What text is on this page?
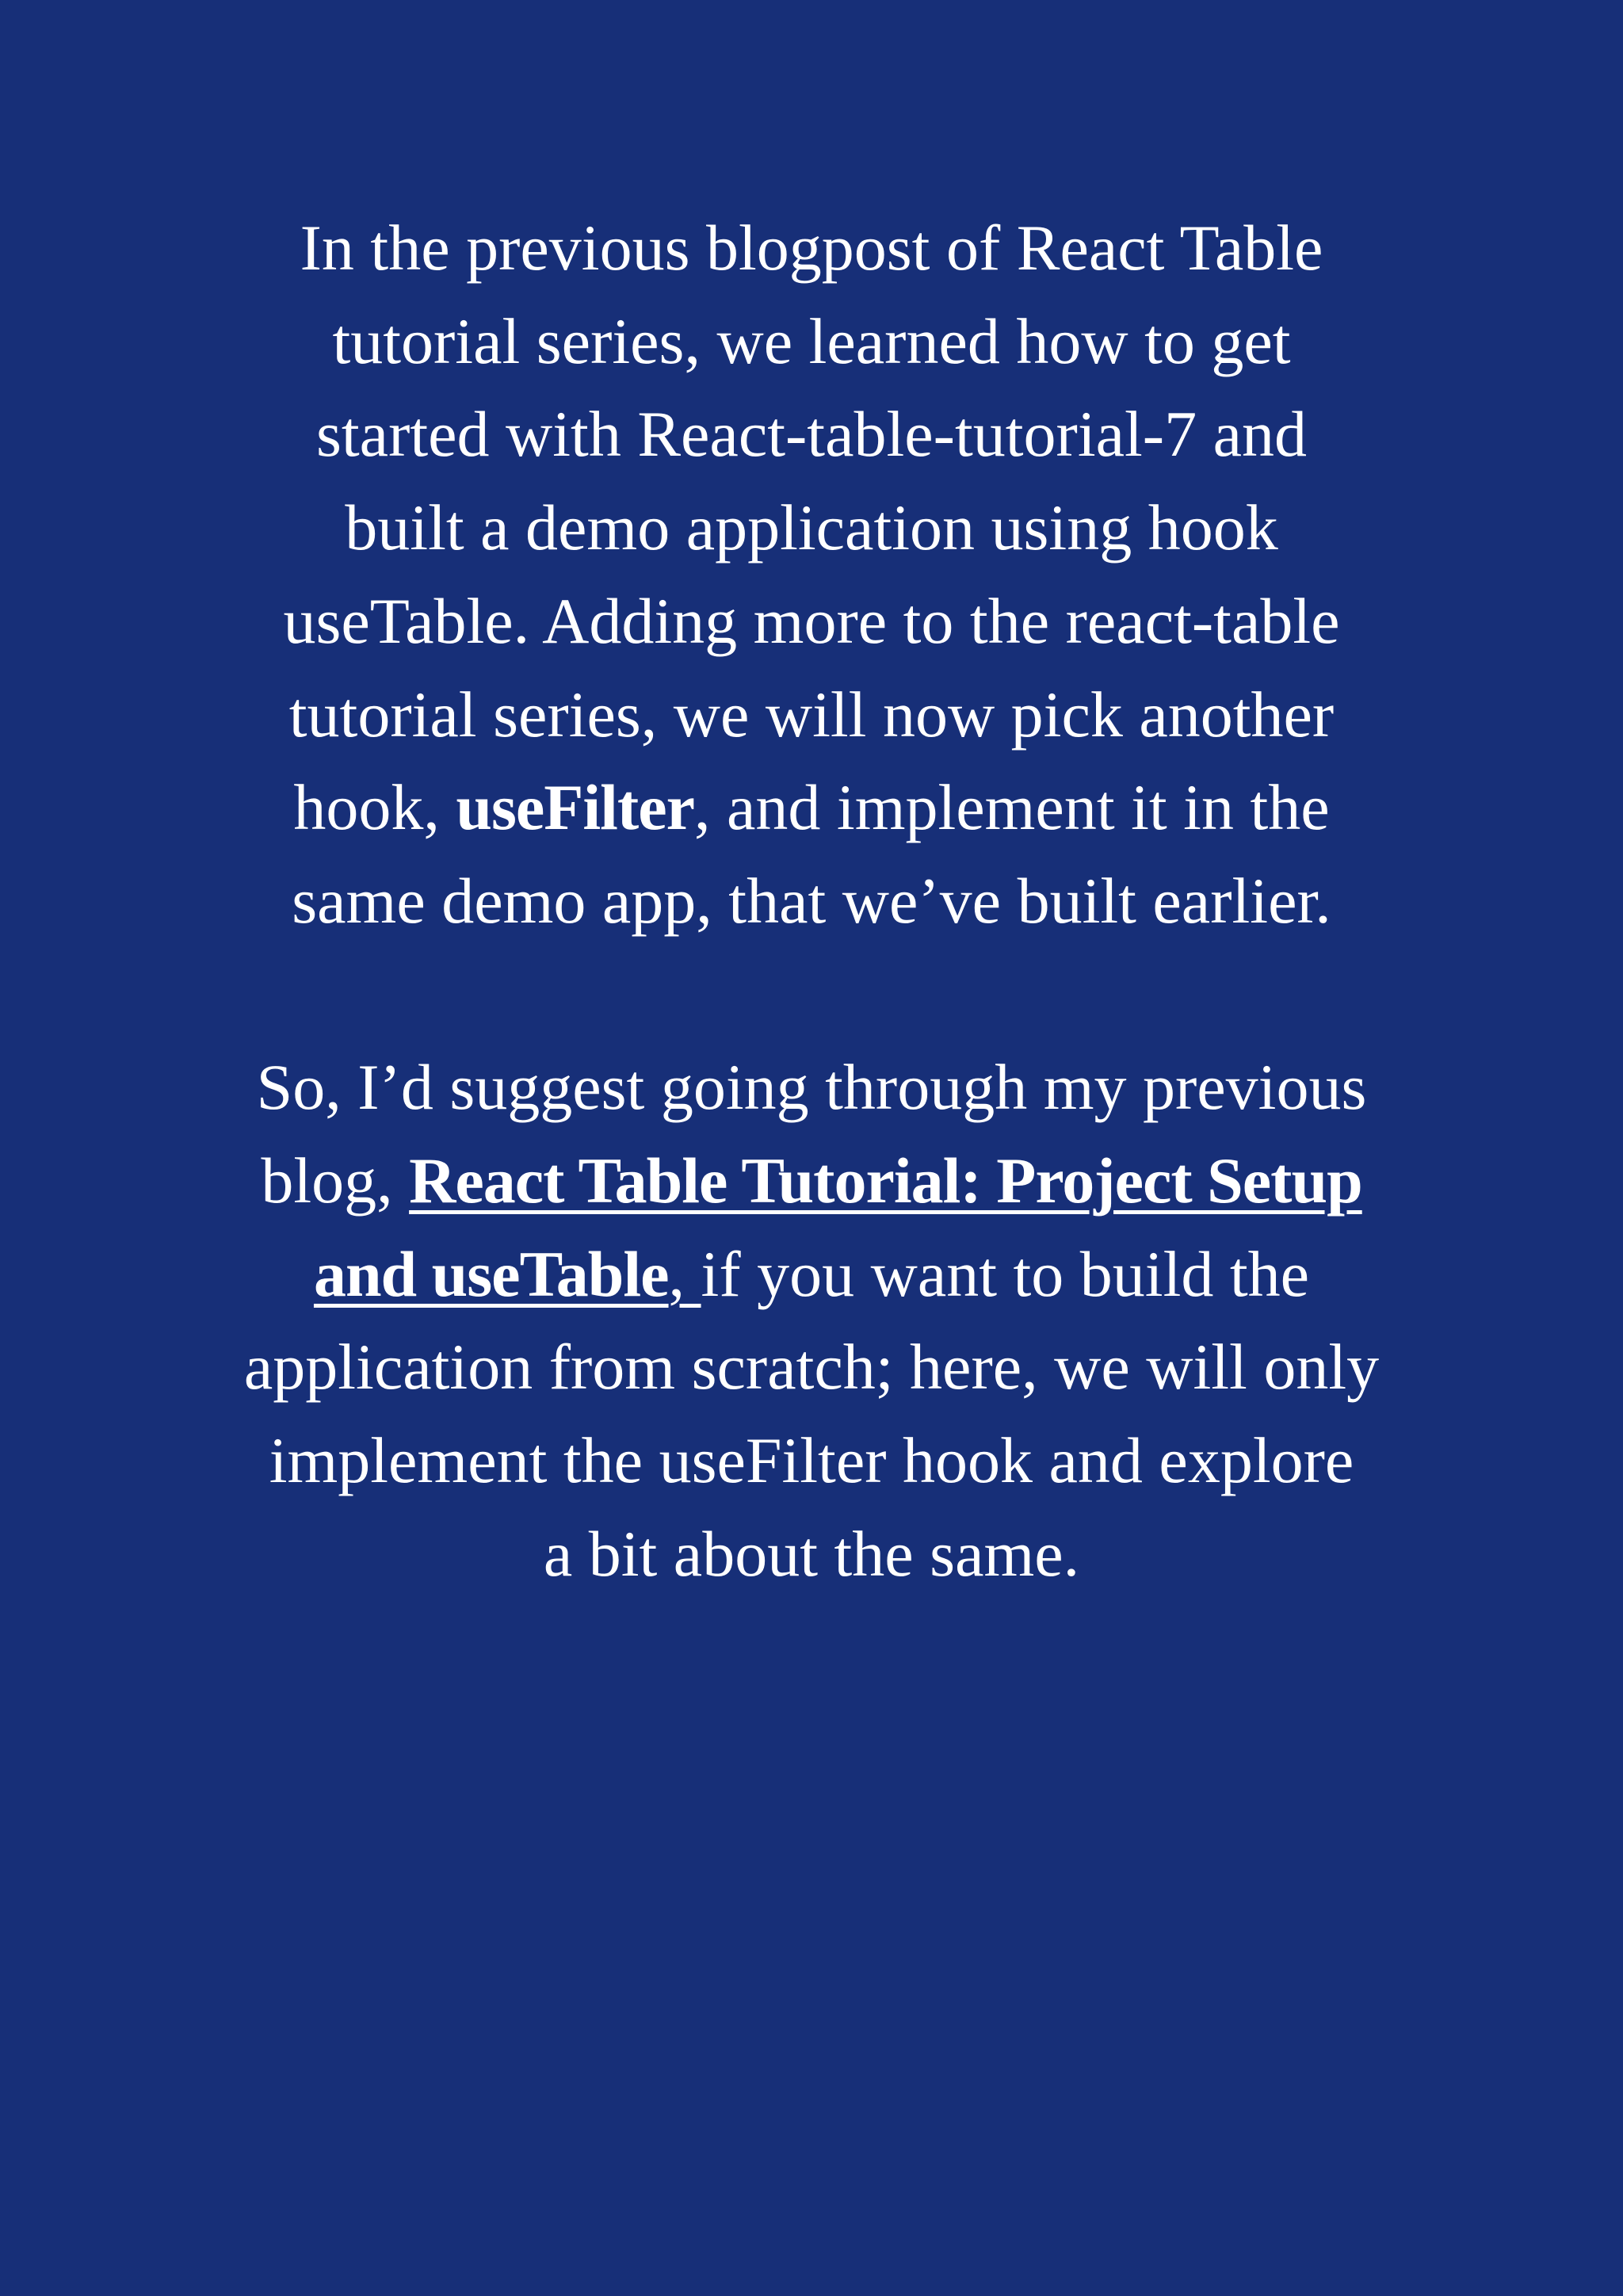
In the previous blogpost of React Table
tutorial series, we learned how to get
started with React-table-tutorial-7 and
built a demo application using hook
useTable. Adding more to the react-table
tutorial series, we will now pick another
hook, useFilter, and implement it in the
same demo app, that we’ve built earlier.

So, I’d suggest going through my previous
blog, React Table Tutorial: Project Setup
and useTable, if you want to build the
application from scratch; here, we will only
implement the useFilter hook and explore
a bit about the same.
